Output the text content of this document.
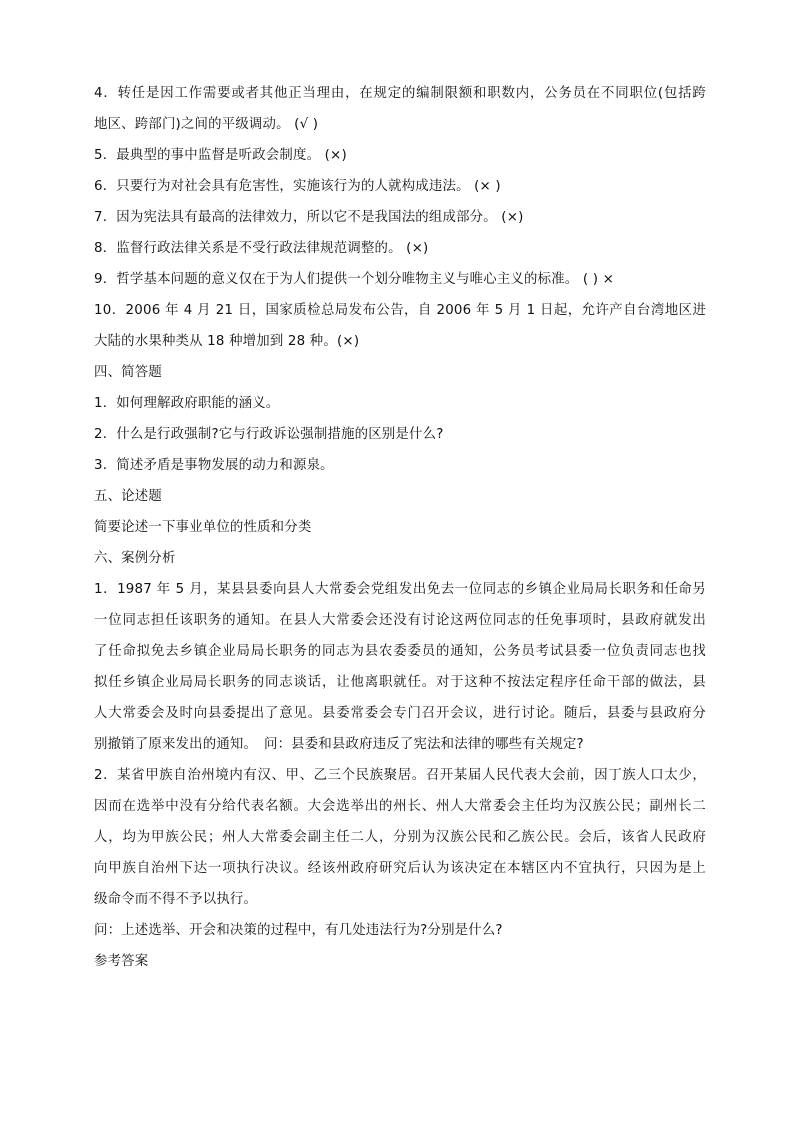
4．转任是因工作需要或者其他正当理由，在规定的编制限额和职数内，公务员在不同职位(包括跨
地区、跨部门)之间的平级调动。 (√ )
5．最典型的事中监督是听政会制度。 (×)
6．只要行为对社会具有危害性，实施该行为的人就构成违法。 (× )
7．因为宪法具有最高的法律效力，所以它不是我国法的组成部分。 (×)
8．监督行政法律关系是不受行政法律规范调整的。 (×)
9．哲学基本问题的意义仅在于为人们提供一个划分唯物主义与唯心主义的标准。 ( ) ×
10．2006 年 4 月 21 日，国家质检总局发布公告，自 2006 年 5 月 1 日起，允许产自台湾地区进
大陆的水果种类从 18 种增加到 28 种。(×)
四、简答题
1．如何理解政府职能的涵义。
2．什么是行政强制?它与行政诉讼强制措施的区别是什么?
3．简述矛盾是事物发展的动力和源泉。
五、论述题
简要论述一下事业单位的性质和分类
六、案例分析
1．1987 年 5 月，某县县委向县人大常委会党组发出免去一位同志的乡镇企业局局长职务和任命另
一位同志担任该职务的通知。在县人大常委会还没有讨论这两位同志的任免事项时，县政府就发出
了任命拟免去乡镇企业局局长职务的同志为县农委委员的通知，公务员考试县委一位负责同志也找
拟任乡镇企业局局长职务的同志谈话，让他离职就任。对于这种不按法定程序任命干部的做法，县
人大常委会及时向县委提出了意见。县委常委会专门召开会议，进行讨论。随后，县委与县政府分
别撤销了原来发出的通知。　问：县委和县政府违反了宪法和法律的哪些有关规定?
2．某省甲族自治州境内有汉、甲、乙三个民族聚居。召开某届人民代表大会前，因丁族人口太少，
因而在选举中没有分给代表名额。大会选举出的州长、州人大常委会主任均为汉族公民；副州长二
人，均为甲族公民；州人大常委会副主任二人，分别为汉族公民和乙族公民。会后，该省人民政府
向甲族自治州下达一项执行决议。经该州政府研究后认为该决定在本辖区内不宜执行，只因为是上
级命令而不得不予以执行。
问：上述选举、开会和决策的过程中，有几处违法行为?分别是什么?
参考答案
